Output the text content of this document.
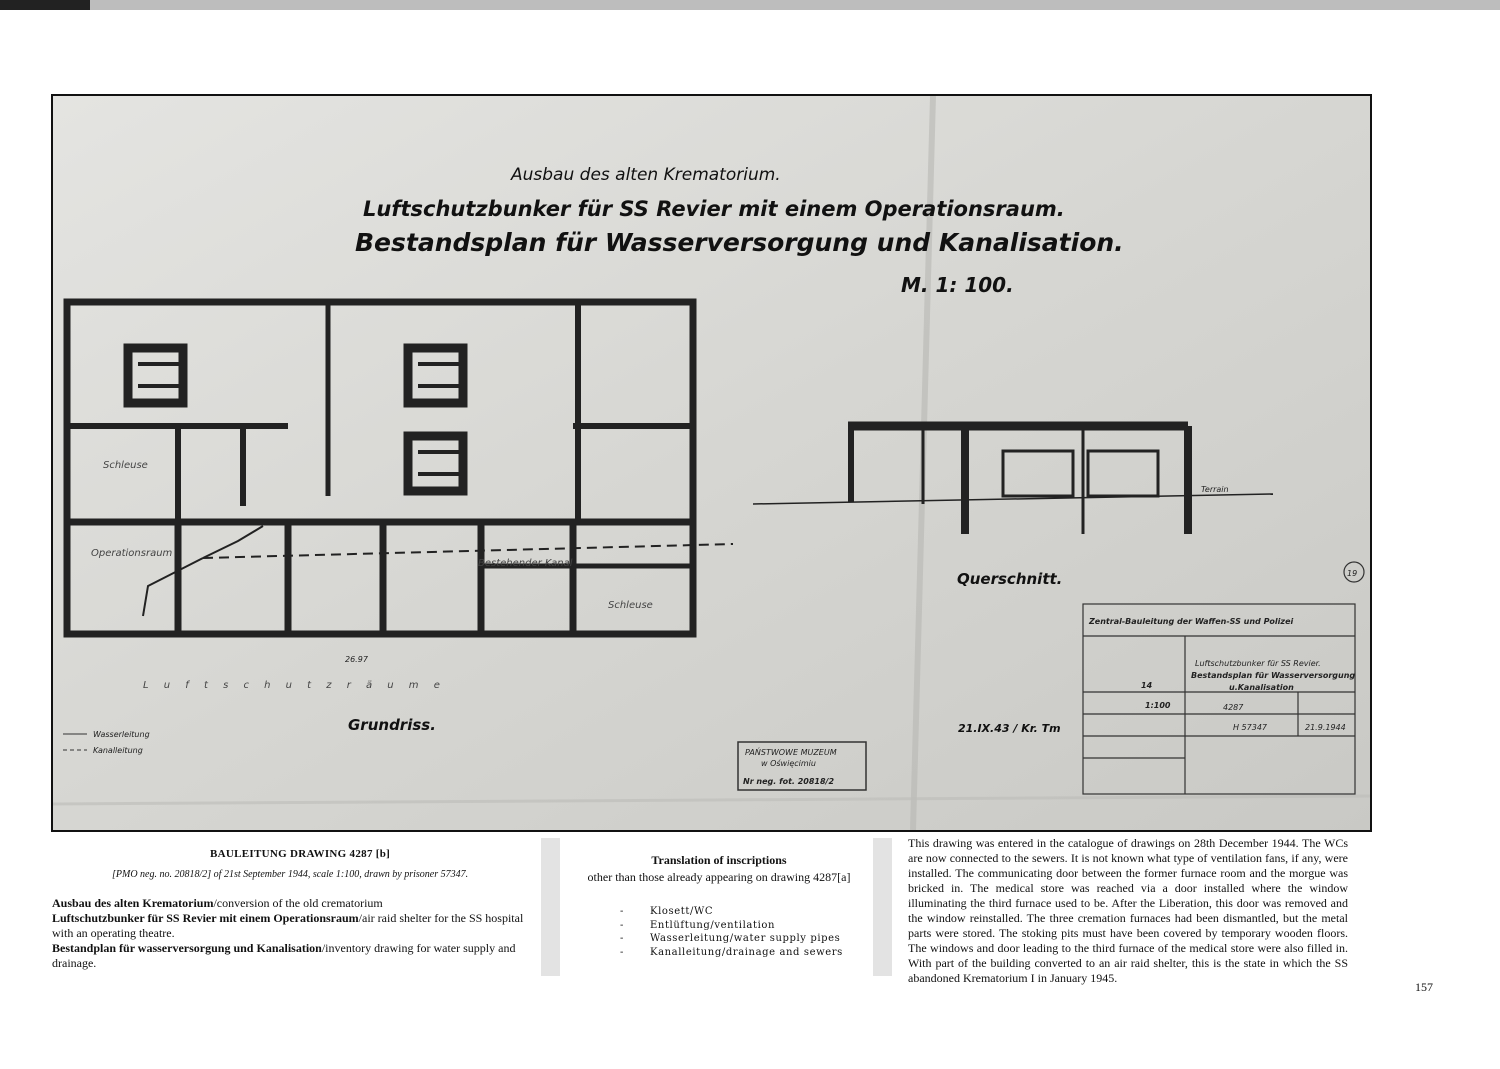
Ausbau des alten Krematorium.
Luftschutzbunker für SS Revier mit einem Operationsraum.
Bestandsplan für Wasserversorgung und Kanalisation.
M. 1: 100.
Bestehender Kanal
Schleuse
Schleuse
Operationsraum
26.97
L u f t s c h u t z r ä u m e
Grundriss.
Wasserleitung
Kanalleitung	PAŃSTWOWE MUZEUM
w Oświęcimiu
Nr neg. fot. 20818/2
Terrain
Querschnitt.	19
Zentral-Bauleitung der Waffen-SS und Polizei
Luftschutzbunker für SS Revier.
Bestandsplan für Wasserversorgung
u.Kanalisation
14
1:100	4287
H 57347	21.9.1944
21.IX.43 / Kr. Tm
BAULEITUNG DRAWING 4287 [b]
[PMO neg. no. 20818/2] of 21st September 1944, scale 1:100, drawn by prisoner 57347.
Ausbau des alten Krematorium/conversion of the old crematorium
Luftschutzbunker für SS Revier mit einem Operationsraum/air raid shelter for the SS hospital with an operating theatre.
Bestandplan für wasserversorgung und Kanalisation/inventory drawing for water supply and drainage.
Translation of inscriptions
other than those already appearing on drawing 4287[a]
- Klosett/WC
- Entlüftung/ventilation
- Wasserleitung/water supply pipes
- Kanalleitung/drainage and sewers
This drawing was entered in the catalogue of drawings on 28th December 1944. The WCs are now connected to the sewers. It is not known what type of ventilation fans, if any, were installed. The communicating door between the former furnace room and the morgue was bricked in. The medical store was reached via a door installed where the window illuminating the third furnace used to be. After the Liberation, this door was removed and the window reinstalled. The three cremation furnaces had been dismantled, but the metal parts were stored. The stoking pits must have been covered by temporary wooden floors. The windows and door leading to the third furnace of the medical store were also filled in. With part of the building converted to an air raid shelter, this is the state in which the SS abandoned Krematorium I in January 1945.
157
